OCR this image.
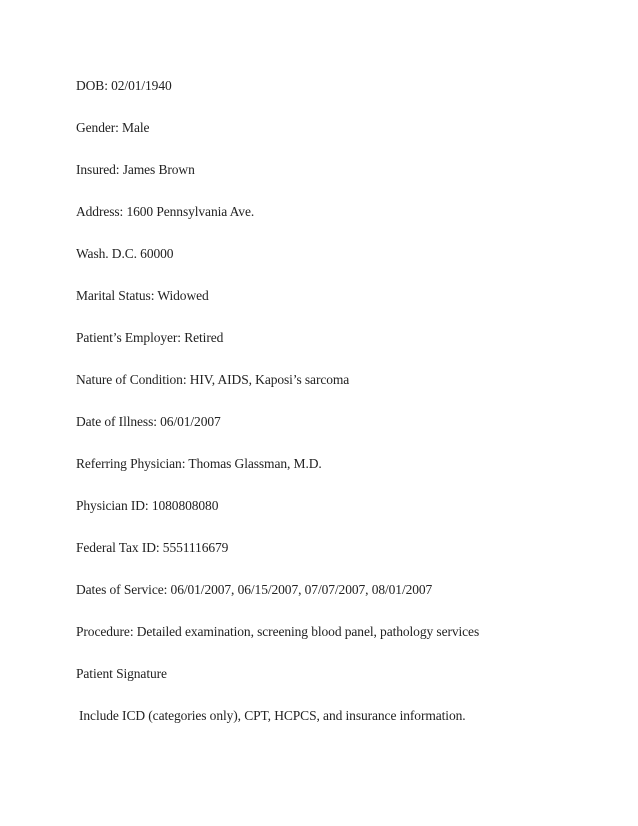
DOB: 02/01/1940
Gender: Male
Insured: James Brown
Address: 1600 Pennsylvania Ave.
Wash. D.C. 60000
Marital Status: Widowed
Patient’s Employer: Retired
Nature of Condition: HIV, AIDS, Kaposi’s sarcoma
Date of Illness: 06/01/2007
Referring Physician: Thomas Glassman, M.D.
Physician ID: 1080808080
Federal Tax ID: 5551116679
Dates of Service: 06/01/2007, 06/15/2007, 07/07/2007, 08/01/2007
Procedure: Detailed examination, screening blood panel, pathology services
Patient Signature
Include ICD (categories only), CPT, HCPCS, and insurance information.
